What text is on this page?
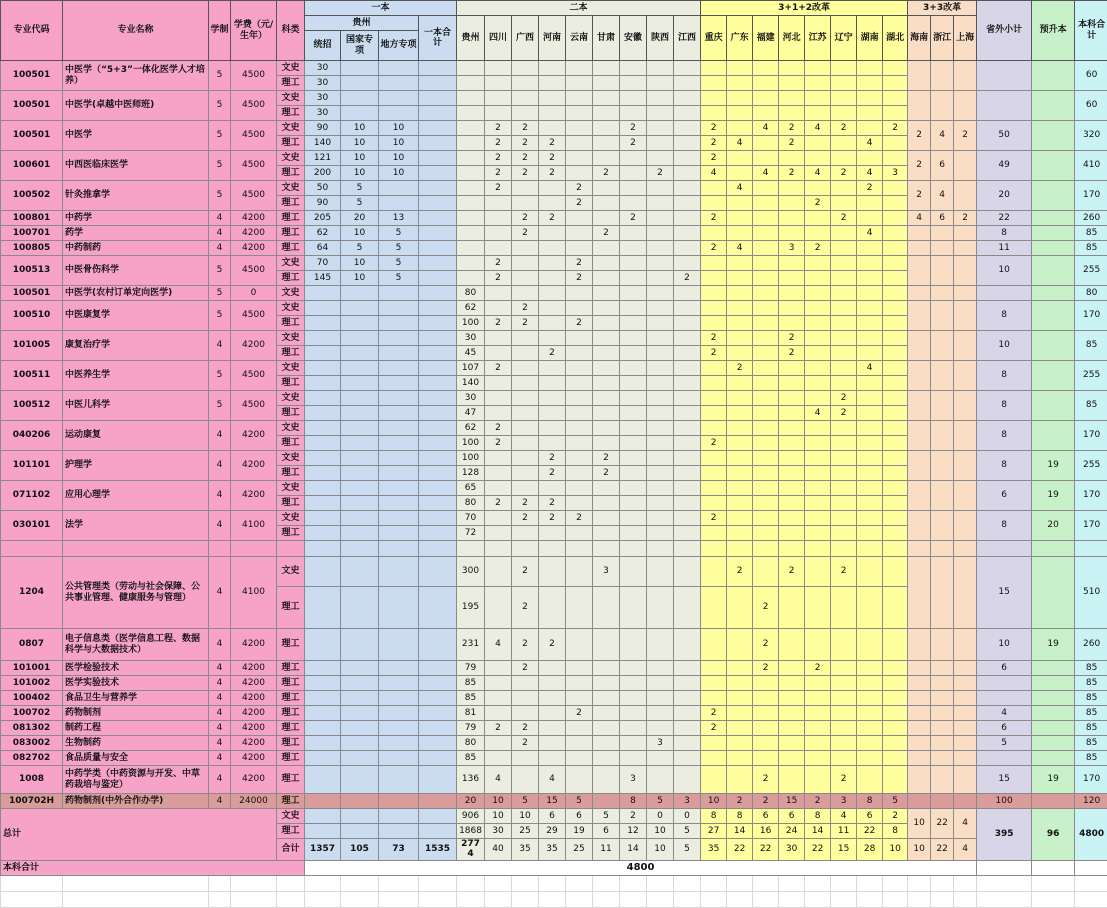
专业代码	专业名称	学制	学费（元/生年）	科类	一本				二本									3+1+2改革								3+3改革			省外小计	预升本	本科合计
					贵州			一本合计	贵州	四川	广西	河南	云南	甘肃	安徽	陕西	江西	重庆	广东	福建	河北	江苏	辽宁	湖南	湖北	海南	浙江	上海			
					统招	国家专项	地方专项																								
100501	中医学（“5+3”一体化医学人才培养）	5	4500	文史	30																										60
				理工	30																										
100501	中医学(卓越中医师班)	5	4500	文史	30																										60
				理工	30																										
100501	中医学	5	4500	文史	90	10	10			2	2				2			2		4	2	4	2		2	2	4	2	50		320
				理工	140	10	10			2	2	2			2			2	4		2			4							
100601	中西医临床医学	5	4500	文史	121	10	10			2	2	2						2								2	6		49		410
				理工	200	10	10			2	2	2		2		2		4		4	2	4	2	4	3						
100502	针灸推拿学	5	4500	文史	50	5				2			2						4					2		2	4		20		170
				理工	90	5							2									2									
100801	中药学	4	4200	理工	205	20	13				2	2			2			2					2			4	6	2	22		260
100701	药学	4	4200	理工	62	10	5				2			2										4					8		85
100805	中药制药	4	4200	理工	64	5	5											2	4		3	2							11		85
100513	中医骨伤科学	5	4500	文史	70	10	5			2			2																10		255
				理工	145	10	5			2			2				2														
100501	中医学(农村订单定向医学)	5	0	文史					80																						80
100510	中医康复学	5	4500	文史					62		2																		8		170
				理工					100	2	2		2																		
101005	康复治疗学	4	4200	文史					30									2			2								10		85
				理工					45			2						2			2										
100511	中医养生学	5	4500	文史					107	2									2					4					8		255
				理工					140																						
100512	中医儿科学	5	4500	文史					30														2						8		85
				理工					47													4	2								
040206	运动康复	4	4200	文史					62	2																			8		170
				理工					100	2								2													
101101	护理学	4	4200	文史					100			2		2															8	19	255
				理工					128			2		2																	
071102	应用心理学	4	4200	文史					65																				6	19	170
				理工					80	2	2	2																			
030101	法学	4	4100	文史					70		2	2	2					2											8	20	170
				理工					72																						

1204	公共管理类（劳动与社会保障、公共事业管理、健康服务与管理）	4	4100	文史					300		2			3					2		2		2						15		510
				理工					195		2									2											
0807	电子信息类（医学信息工程、数据科学与大数据技术）	4	4200	理工					231	4	2	2								2									10	19	260
101001	医学检验技术	4	4200	理工					79		2									2		2							6		85
101002	医学实验技术	4	4200	理工					85																						85
100402	食品卫生与营养学	4	4200	理工					85																						85
100702	药物制剂	4	4200	理工					81				2					2											4		85
081302	制药工程	4	4200	理工					79	2	2							2											6		85
083002	生物制药	4	4200	理工					80		2					3													5		85
082702	食品质量与安全	4	4200	理工					85																						85
1008	中药学类（中药资源与开发、中草药栽培与鉴定）	4	4200	理工					136	4		4			3					2			2						15	19	170
100702H	药物制剂(中外合作办学)	4	24000	理工					20	10	5	15	5		8	5	3	10	2	2	15	2	3	8	5				100		120
总计				文史					906	10	10	6	6	5	2	0	0	8	8	6	6	8	4	6	2	10	22	4	395	96	4800
				理工					1868	30	25	29	19	6	12	10	5	27	14	16	24	14	11	22	8						
				合计	1357	105	73	1535	2774	40	35	35	25	11	14	10	5	35	22	22	30	22	15	28	10	10	22	4			
本科合计					4800																										
